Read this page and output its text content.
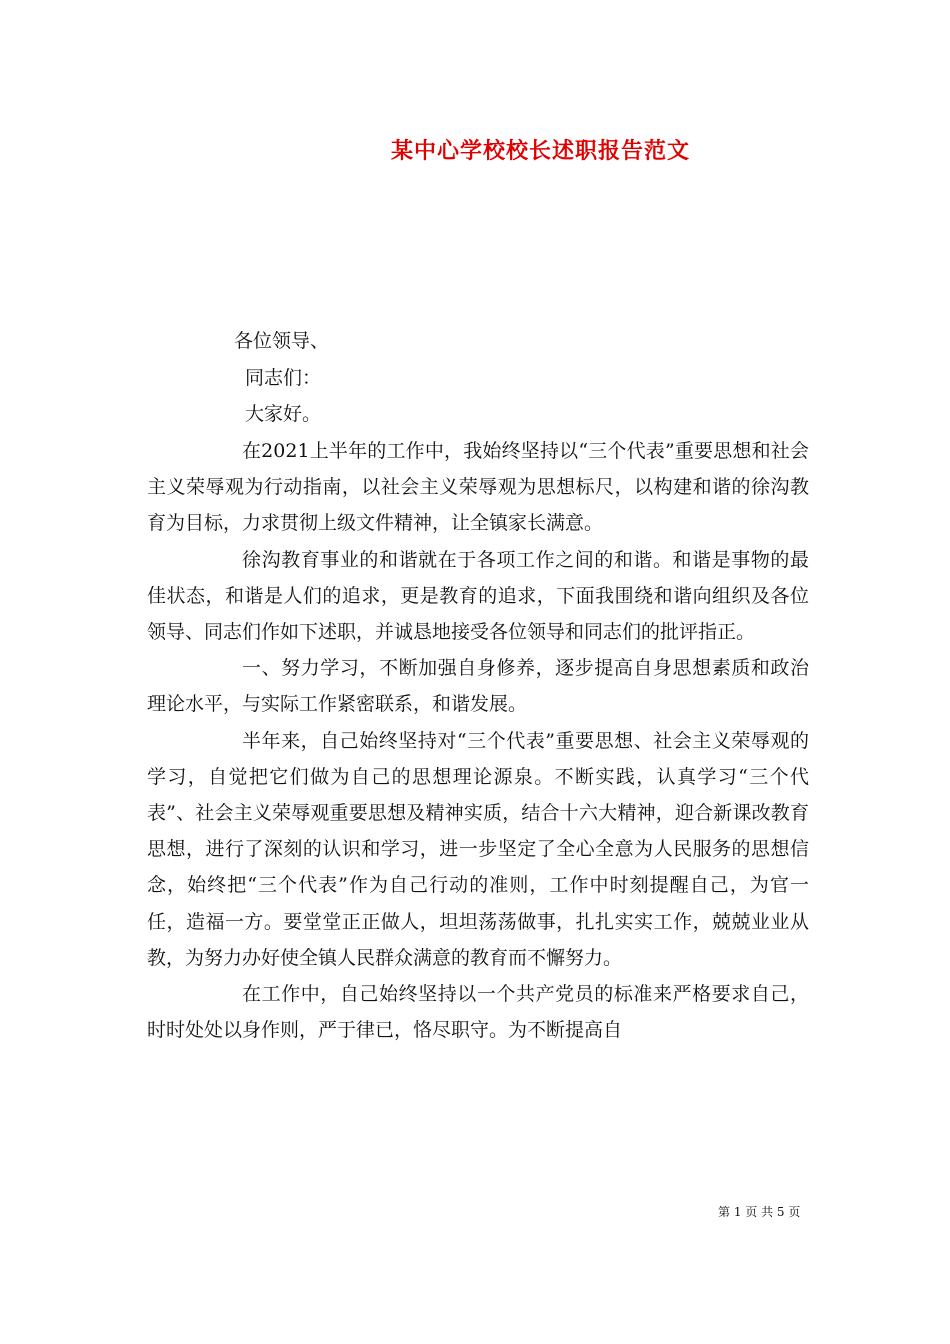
某中心学校校长述职报告范文
各位领导、
同志们：
大家好。

在2021上半年的工作中，我始终坚持以“三个代表”重要思想和社会主义荣辱观为行动指南，以社会主义荣辱观为思想标尺，以构建和谐的徐沟教育为目标，力求贯彻上级文件精神，让全镇家长满意。

徐沟教育事业的和谐就在于各项工作之间的和谐。和谐是事物的最佳状态，和谐是人们的追求，更是教育的追求，下面我围绕和谐向组织及各位领导、同志们作如下述职，并诚恳地接受各位领导和同志们的批评指正。

一、努力学习，不断加强自身修养，逐步提高自身思想素质和政治理论水平，与实际工作紧密联系，和谐发展。

半年来，自己始终坚持对“三个代表”重要思想、社会主义荣辱观的学习，自觉把它们做为自己的思想理论源泉。不断实践，认真学习“三个代表”、社会主义荣辱观重要思想及精神实质，结合十六大精神，迎合新课改教育思想，进行了深刻的认识和学习，进一步坚定了全心全意为人民服务的思想信念，始终把“三个代表”作为自己行动的准则，工作中时刻提醒自己，为官一任，造福一方。要堂堂正正做人，坦坦荡荡做事，扎扎实实工作，兢兢业业从教，为努力办好使全镇人民群众满意的教育而不懈努力。

在工作中，自己始终坚持以一个共产党员的标准来严格要求自己，时时处处以身作则，严于律已，恪尽职守。为不断提高自

第 1 页 共 5 页
